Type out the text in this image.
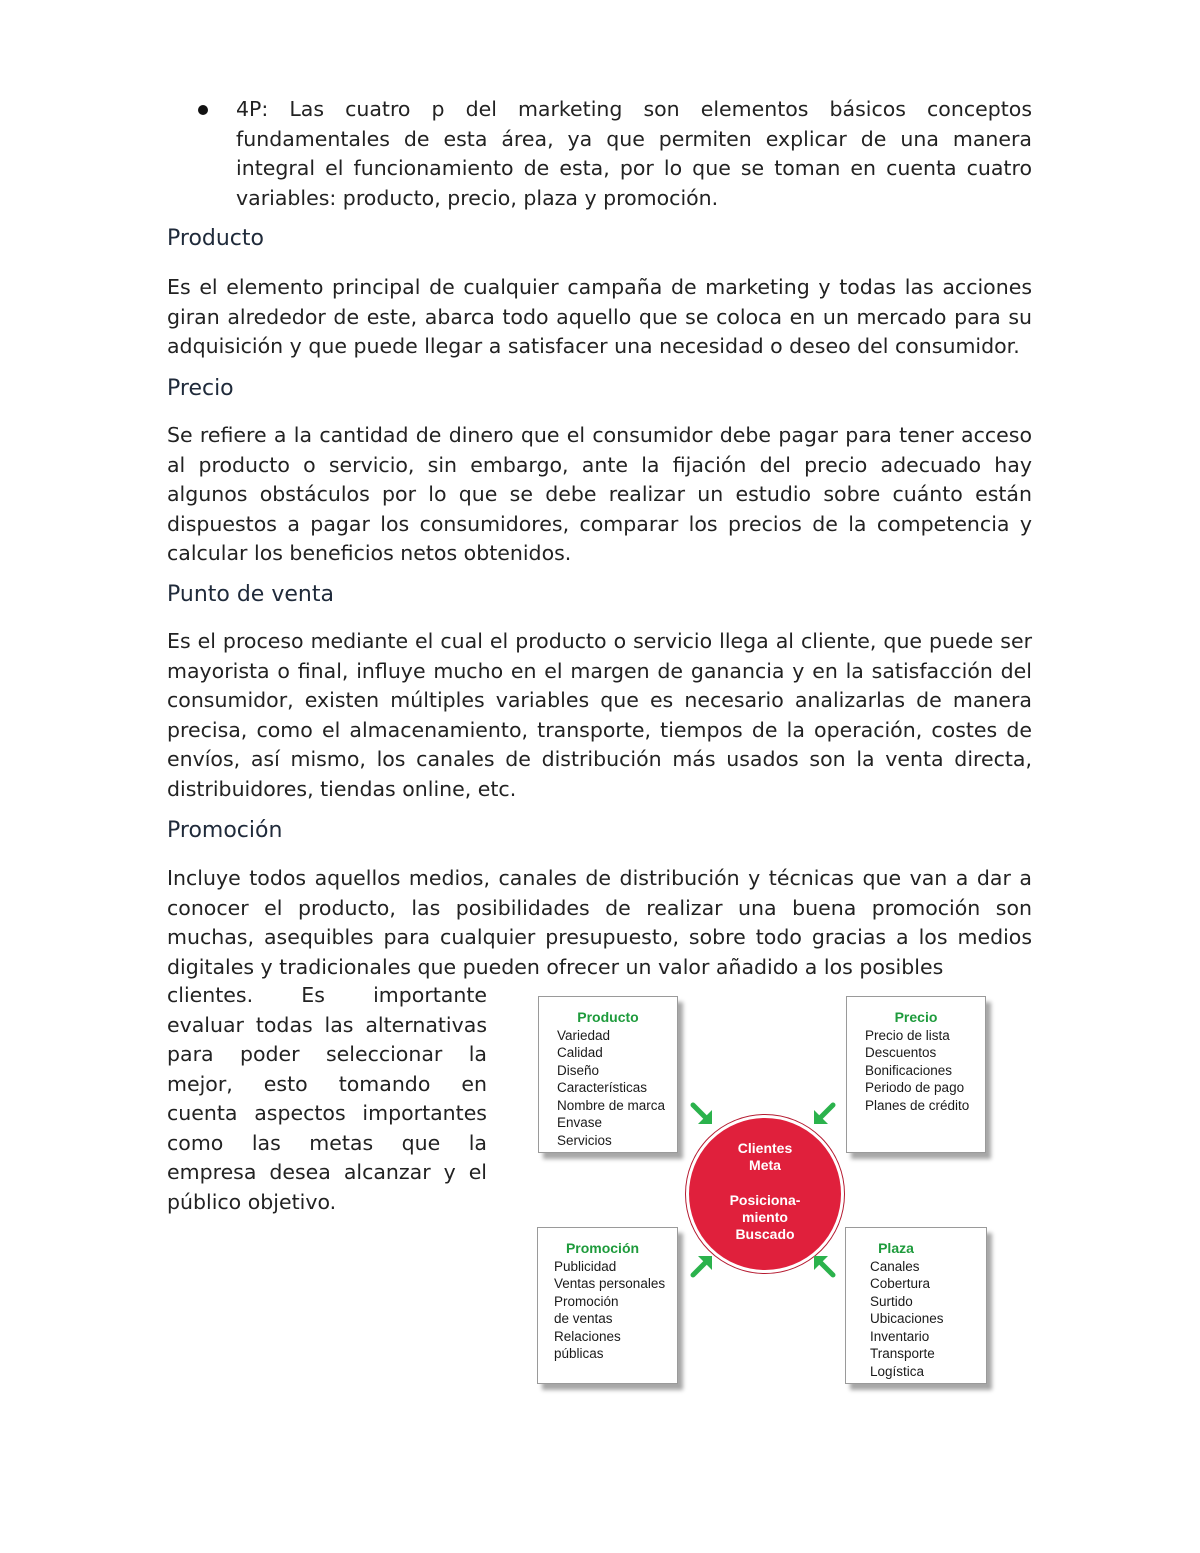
4P: Las cuatro p del marketing son elementos básicos conceptos fundamentales de esta área, ya que permiten explicar de una manera integral el funcionamiento de esta, por lo que se toman en cuenta cuatro variables: producto, precio, plaza y promoción.
Producto

Es el elemento principal de cualquier campaña de marketing y todas las acciones giran alrededor de este, abarca todo aquello que se coloca en un mercado para su adquisición y que puede llegar a satisfacer una necesidad o deseo del consumidor.

Precio

Se refiere a la cantidad de dinero que el consumidor debe pagar para tener acceso al producto o servicio, sin embargo, ante la fijación del precio adecuado hay algunos obstáculos por lo que se debe realizar un estudio sobre cuánto están dispuestos a pagar los consumidores, comparar los precios de la competencia y calcular los beneficios netos obtenidos.

Punto de venta

Es el proceso mediante el cual el producto o servicio llega al cliente, que puede ser mayorista o final, influye mucho en el margen de ganancia y en la satisfacción del consumidor, existen múltiples variables que es necesario analizarlas de manera precisa, como el almacenamiento, transporte, tiempos de la operación, costes de envíos, así mismo, los canales de distribución más usados son la venta directa, distribuidores, tiendas online, etc.

Promoción

Incluye todos aquellos medios, canales de distribución y técnicas que van a dar a conocer el producto, las posibilidades de realizar una buena promoción son muchas, asequibles para cualquier presupuesto, sobre todo gracias a los medios digitales y tradicionales que pueden ofrecer un valor añadido a los posibles

clientes. Es importante evaluar todas las alternativas para poder seleccionar la mejor, esto tomando en cuenta aspectos importantes como las metas que la empresa desea alcanzar y el público objetivo.

Producto
Variedad
Calidad
Diseño
Características
Nombre de marca
Envase
Servicios
Precio
Precio de lista
Descuentos
Bonificaciones
Periodo de pago
Planes de crédito
Promoción
Publicidad
Ventas personales
Promoción
de ventas
Relaciones
públicas
Plaza
Canales
Cobertura
Surtido
Ubicaciones
Inventario
Transporte
Logística
Clientes
Meta
Posiciona-
miento
Buscado
